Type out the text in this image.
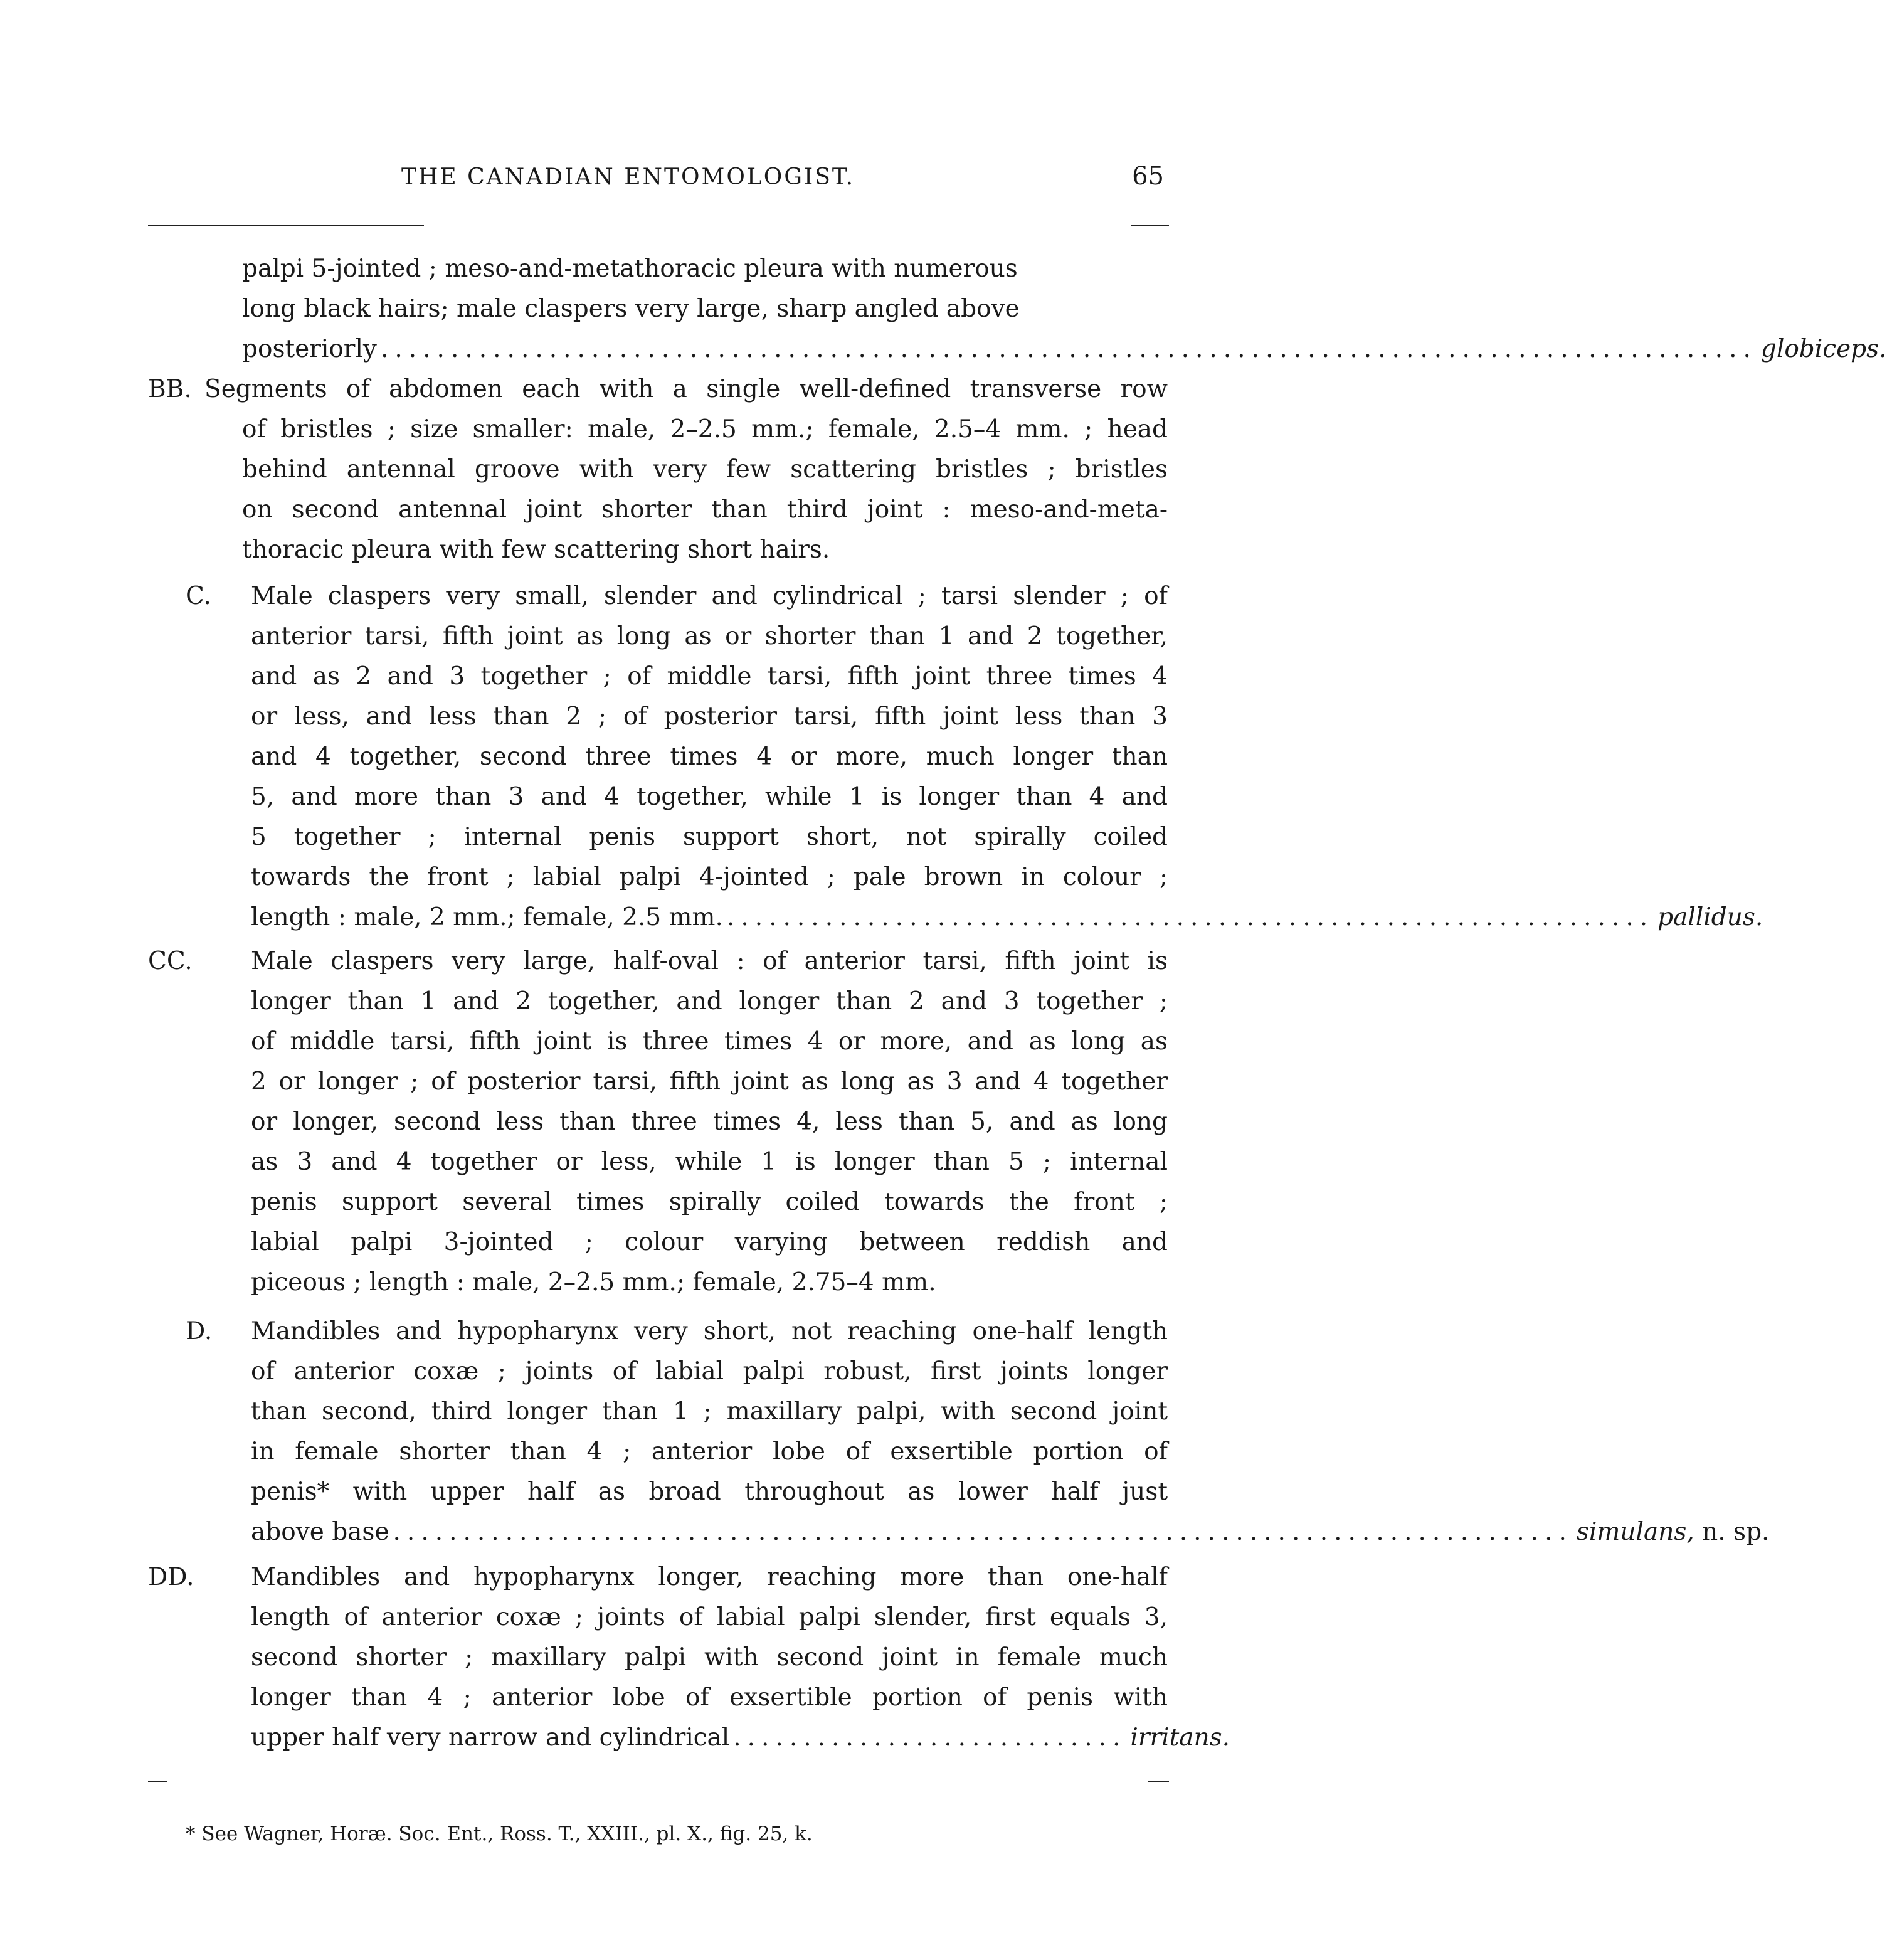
THE CANADIAN ENTOMOLOGIST.	65
palpi 5-jointed ; meso-and-metathoracic pleura with numerous
long black hairs; male claspers very large, sharp angled above
posteriorly .................................................................................................. globiceps.
BB. Segments of abdomen each with a single well-defined transverse row
of bristles ; size smaller: male, 2–2.5 mm.; female, 2.5–4 mm. ; head
behind antennal groove with very few scattering bristles ; bristles
on second antennal joint shorter than third joint : meso-and-meta-
thoracic pleura with few scattering short hairs.
C. Male claspers very small, slender and cylindrical ; tarsi slender ; of
anterior tarsi, fifth joint as long as or shorter than 1 and 2 together,
and as 2 and 3 together ; of middle tarsi, fifth joint three times 4
or less, and less than 2 ; of posterior tarsi, fifth joint less than 3
and 4 together, second three times 4 or more, much longer than
5, and more than 3 and 4 together, while 1 is longer than 4 and
5 together ; internal penis support short, not spirally coiled
towards the front ; labial palpi 4-jointed ; pale brown in colour ;
length : male, 2 mm.; female, 2.5 mm. .................................................................. pallidus.
CC. Male claspers very large, half-oval : of anterior tarsi, fifth joint is
longer than 1 and 2 together, and longer than 2 and 3 together ;
of middle tarsi, fifth joint is three times 4 or more, and as long as
2 or longer ; of posterior tarsi, fifth joint as long as 3 and 4 together
or longer, second less than three times 4, less than 5, and as long
as 3 and 4 together or less, while 1 is longer than 5 ; internal
penis support several times spirally coiled towards the front ;
labial palpi 3-jointed ; colour varying between reddish and
piceous ; length : male, 2–2.5 mm.; female, 2.75–4 mm.
D. Mandibles and hypopharynx very short, not reaching one-half length
of anterior coxæ ; joints of labial palpi robust, first joints longer
than second, third longer than 1 ; maxillary palpi, with second joint
in female shorter than 4 ; anterior lobe of exsertible portion of
penis* with upper half as broad throughout as lower half just
above base .................................................................................... simulans, n. sp.
DD. Mandibles and hypopharynx longer, reaching more than one-half
length of anterior coxæ ; joints of labial palpi slender, first equals 3,
second shorter ; maxillary palpi with second joint in female much
longer than 4 ; anterior lobe of exsertible portion of penis with
upper half very narrow and cylindrical ............................ irritans.
* See Wagner, Horæ. Soc. Ent., Ross. T., XXIII., pl. X., fig. 25, k.
